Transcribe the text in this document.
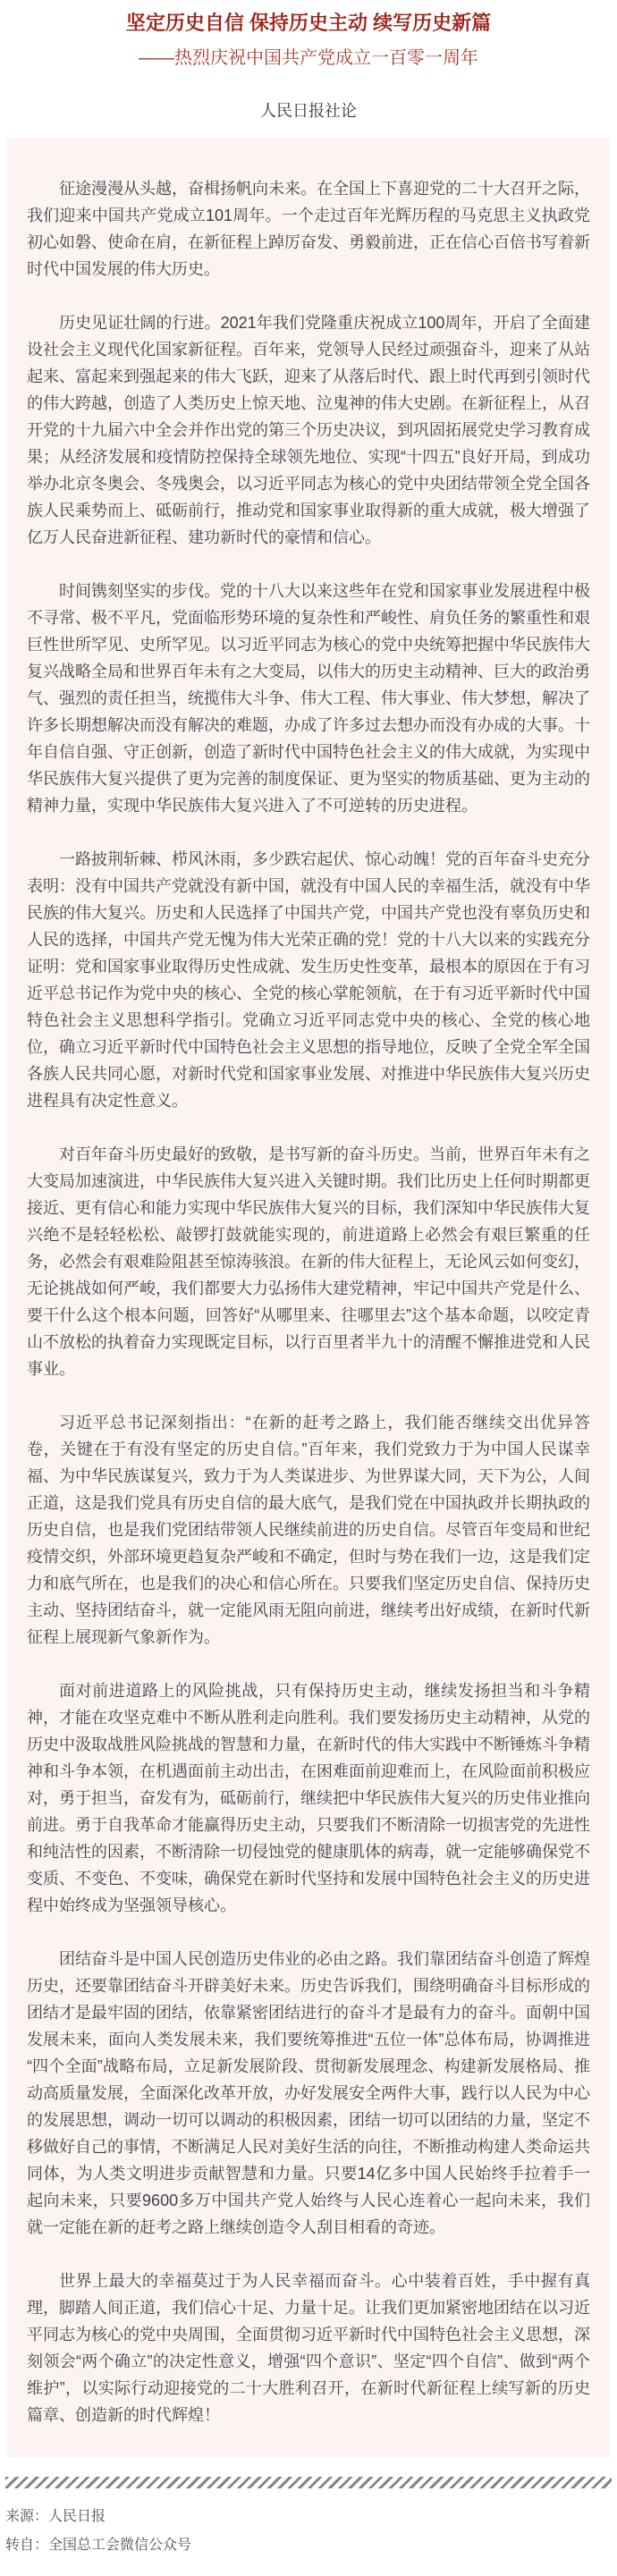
坚定历史自信 保持历史主动 续写历史新篇
——热烈庆祝中国共产党成立一百零一周年
人民日报社论

征途漫漫从头越，奋楫扬帆向未来。在全国上下喜迎党的二十大召开之际，我们迎来中国共产党成立101周年。一个走过百年光辉历程的马克思主义执政党初心如磐、使命在肩，在新征程上踔厉奋发、勇毅前进，正在信心百倍书写着新时代中国发展的伟大历史。

历史见证壮阔的行进。2021年我们党隆重庆祝成立100周年，开启了全面建设社会主义现代化国家新征程。百年来，党领导人民经过顽强奋斗，迎来了从站起来、富起来到强起来的伟大飞跃，迎来了从落后时代、跟上时代再到引领时代的伟大跨越，创造了人类历史上惊天地、泣鬼神的伟大史剧。在新征程上，从召开党的十九届六中全会并作出党的第三个历史决议，到巩固拓展党史学习教育成果；从经济发展和疫情防控保持全球领先地位、实现“十四五”良好开局，到成功举办北京冬奥会、冬残奥会，以习近平同志为核心的党中央团结带领全党全国各族人民乘势而上、砥砺前行，推动党和国家事业取得新的重大成就，极大增强了亿万人民奋进新征程、建功新时代的豪情和信心。

时间镌刻坚实的步伐。党的十八大以来这些年在党和国家事业发展进程中极不寻常、极不平凡，党面临形势环境的复杂性和严峻性、肩负任务的繁重性和艰巨性世所罕见、史所罕见。以习近平同志为核心的党中央统筹把握中华民族伟大复兴战略全局和世界百年未有之大变局，以伟大的历史主动精神、巨大的政治勇气、强烈的责任担当，统揽伟大斗争、伟大工程、伟大事业、伟大梦想，解决了许多长期想解决而没有解决的难题，办成了许多过去想办而没有办成的大事。十年自信自强、守正创新，创造了新时代中国特色社会主义的伟大成就，为实现中华民族伟大复兴提供了更为完善的制度保证、更为坚实的物质基础、更为主动的精神力量，实现中华民族伟大复兴进入了不可逆转的历史进程。

一路披荆斩棘、栉风沐雨，多少跌宕起伏、惊心动魄！党的百年奋斗史充分表明：没有中国共产党就没有新中国，就没有中国人民的幸福生活，就没有中华民族的伟大复兴。历史和人民选择了中国共产党，中国共产党也没有辜负历史和人民的选择，中国共产党无愧为伟大光荣正确的党！党的十八大以来的实践充分证明：党和国家事业取得历史性成就、发生历史性变革，最根本的原因在于有习近平总书记作为党中央的核心、全党的核心掌舵领航，在于有习近平新时代中国特色社会主义思想科学指引。党确立习近平同志党中央的核心、全党的核心地位，确立习近平新时代中国特色社会主义思想的指导地位，反映了全党全军全国各族人民共同心愿，对新时代党和国家事业发展、对推进中华民族伟大复兴历史进程具有决定性意义。

对百年奋斗历史最好的致敬，是书写新的奋斗历史。当前，世界百年未有之大变局加速演进，中华民族伟大复兴进入关键时期。我们比历史上任何时期都更接近、更有信心和能力实现中华民族伟大复兴的目标，我们深知中华民族伟大复兴绝不是轻轻松松、敲锣打鼓就能实现的，前进道路上必然会有艰巨繁重的任务，必然会有艰难险阻甚至惊涛骇浪。在新的伟大征程上，无论风云如何变幻，无论挑战如何严峻，我们都要大力弘扬伟大建党精神，牢记中国共产党是什么、要干什么这个根本问题，回答好“从哪里来、往哪里去”这个基本命题，以咬定青山不放松的执着奋力实现既定目标，以行百里者半九十的清醒不懈推进党和人民事业。

习近平总书记深刻指出：“在新的赶考之路上，我们能否继续交出优异答卷，关键在于有没有坚定的历史自信。”百年来，我们党致力于为中国人民谋幸福、为中华民族谋复兴，致力于为人类谋进步、为世界谋大同，天下为公，人间正道，这是我们党具有历史自信的最大底气，是我们党在中国执政并长期执政的历史自信，也是我们党团结带领人民继续前进的历史自信。尽管百年变局和世纪疫情交织，外部环境更趋复杂严峻和不确定，但时与势在我们一边，这是我们定力和底气所在，也是我们的决心和信心所在。只要我们坚定历史自信、保持历史主动、坚持团结奋斗，就一定能风雨无阻向前进，继续考出好成绩，在新时代新征程上展现新气象新作为。

面对前进道路上的风险挑战，只有保持历史主动，继续发扬担当和斗争精神，才能在攻坚克难中不断从胜利走向胜利。我们要发扬历史主动精神，从党的历史中汲取战胜风险挑战的智慧和力量，在新时代的伟大实践中不断锤炼斗争精神和斗争本领，在机遇面前主动出击，在困难面前迎难而上，在风险面前积极应对，勇于担当，奋发有为，砥砺前行，继续把中华民族伟大复兴的历史伟业推向前进。勇于自我革命才能赢得历史主动，只要我们不断清除一切损害党的先进性和纯洁性的因素，不断清除一切侵蚀党的健康肌体的病毒，就一定能够确保党不变质、不变色、不变味，确保党在新时代坚持和发展中国特色社会主义的历史进程中始终成为坚强领导核心。

团结奋斗是中国人民创造历史伟业的必由之路。我们靠团结奋斗创造了辉煌历史，还要靠团结奋斗开辟美好未来。历史告诉我们，围绕明确奋斗目标形成的团结才是最牢固的团结，依靠紧密团结进行的奋斗才是最有力的奋斗。面朝中国发展未来，面向人类发展未来，我们要统筹推进“五位一体”总体布局，协调推进“四个全面”战略布局，立足新发展阶段、贯彻新发展理念、构建新发展格局、推动高质量发展，全面深化改革开放，办好发展安全两件大事，践行以人民为中心的发展思想，调动一切可以调动的积极因素，团结一切可以团结的力量，坚定不移做好自己的事情，不断满足人民对美好生活的向往，不断推动构建人类命运共同体，为人类文明进步贡献智慧和力量。只要14亿多中国人民始终手拉着手一起向未来，只要9600多万中国共产党人始终与人民心连着心一起向未来，我们就一定能在新的赶考之路上继续创造令人刮目相看的奇迹。

世界上最大的幸福莫过于为人民幸福而奋斗。心中装着百姓，手中握有真理，脚踏人间正道，我们信心十足、力量十足。让我们更加紧密地团结在以习近平同志为核心的党中央周围，全面贯彻习近平新时代中国特色社会主义思想，深刻领会“两个确立”的决定性意义，增强“四个意识”、坚定“四个自信”、做到“两个维护”，以实际行动迎接党的二十大胜利召开，在新时代新征程上续写新的历史篇章、创造新的时代辉煌！

来源：人民日报
转自：全国总工会微信公众号
